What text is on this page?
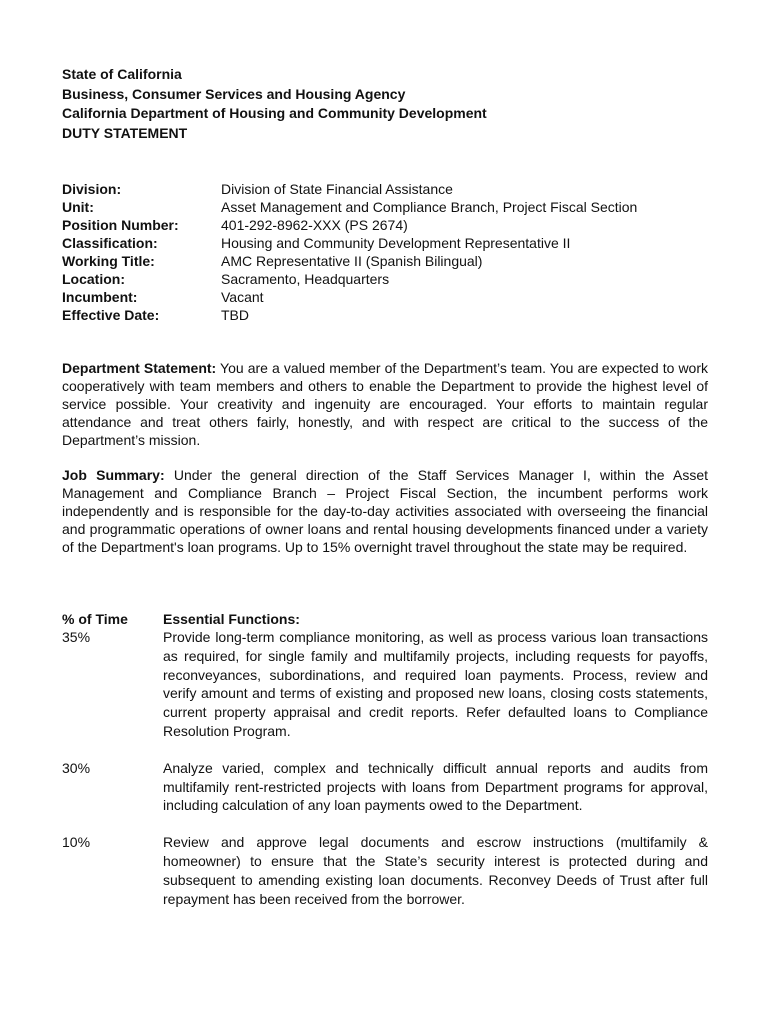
State of California
Business, Consumer Services and Housing Agency
California Department of Housing and Community Development
DUTY STATEMENT
Division:	Division of State Financial Assistance
Unit:	Asset Management and Compliance Branch, Project Fiscal Section
Position Number:	401-292-8962-XXX (PS 2674)
Classification:	Housing and Community Development Representative II
Working Title:	AMC Representative II (Spanish Bilingual)
Location:	Sacramento, Headquarters
Incumbent:	Vacant
Effective Date:	TBD

Department Statement: You are a valued member of the Department’s team. You are expected to work cooperatively with team members and others to enable the Department to provide the highest level of service possible. Your creativity and ingenuity are encouraged. Your efforts to maintain regular attendance and treat others fairly, honestly, and with respect are critical to the success of the Department’s mission.

Job Summary: Under the general direction of the Staff Services Manager I, within the Asset Management and Compliance Branch – Project Fiscal Section, the incumbent performs work independently and is responsible for the day-to-day activities associated with overseeing the financial and programmatic operations of owner loans and rental housing developments financed under a variety of the Department's loan programs. Up to 15% overnight travel throughout the state may be required.

% of Time	Essential Functions:
35%	Provide long-term compliance monitoring, as well as process various loan transactions as required, for single family and multifamily projects, including requests for payoffs, reconveyances, subordinations, and required loan payments. Process, review and verify amount and terms of existing and proposed new loans, closing costs statements, current property appraisal and credit reports. Refer defaulted loans to Compliance Resolution Program.
30%	Analyze varied, complex and technically difficult annual reports and audits from multifamily rent-restricted projects with loans from Department programs for approval, including calculation of any loan payments owed to the Department.
10%	Review and approve legal documents and escrow instructions (multifamily & homeowner) to ensure that the State’s security interest is protected during and subsequent to amending existing loan documents. Reconvey Deeds of Trust after full repayment has been received from the borrower.
